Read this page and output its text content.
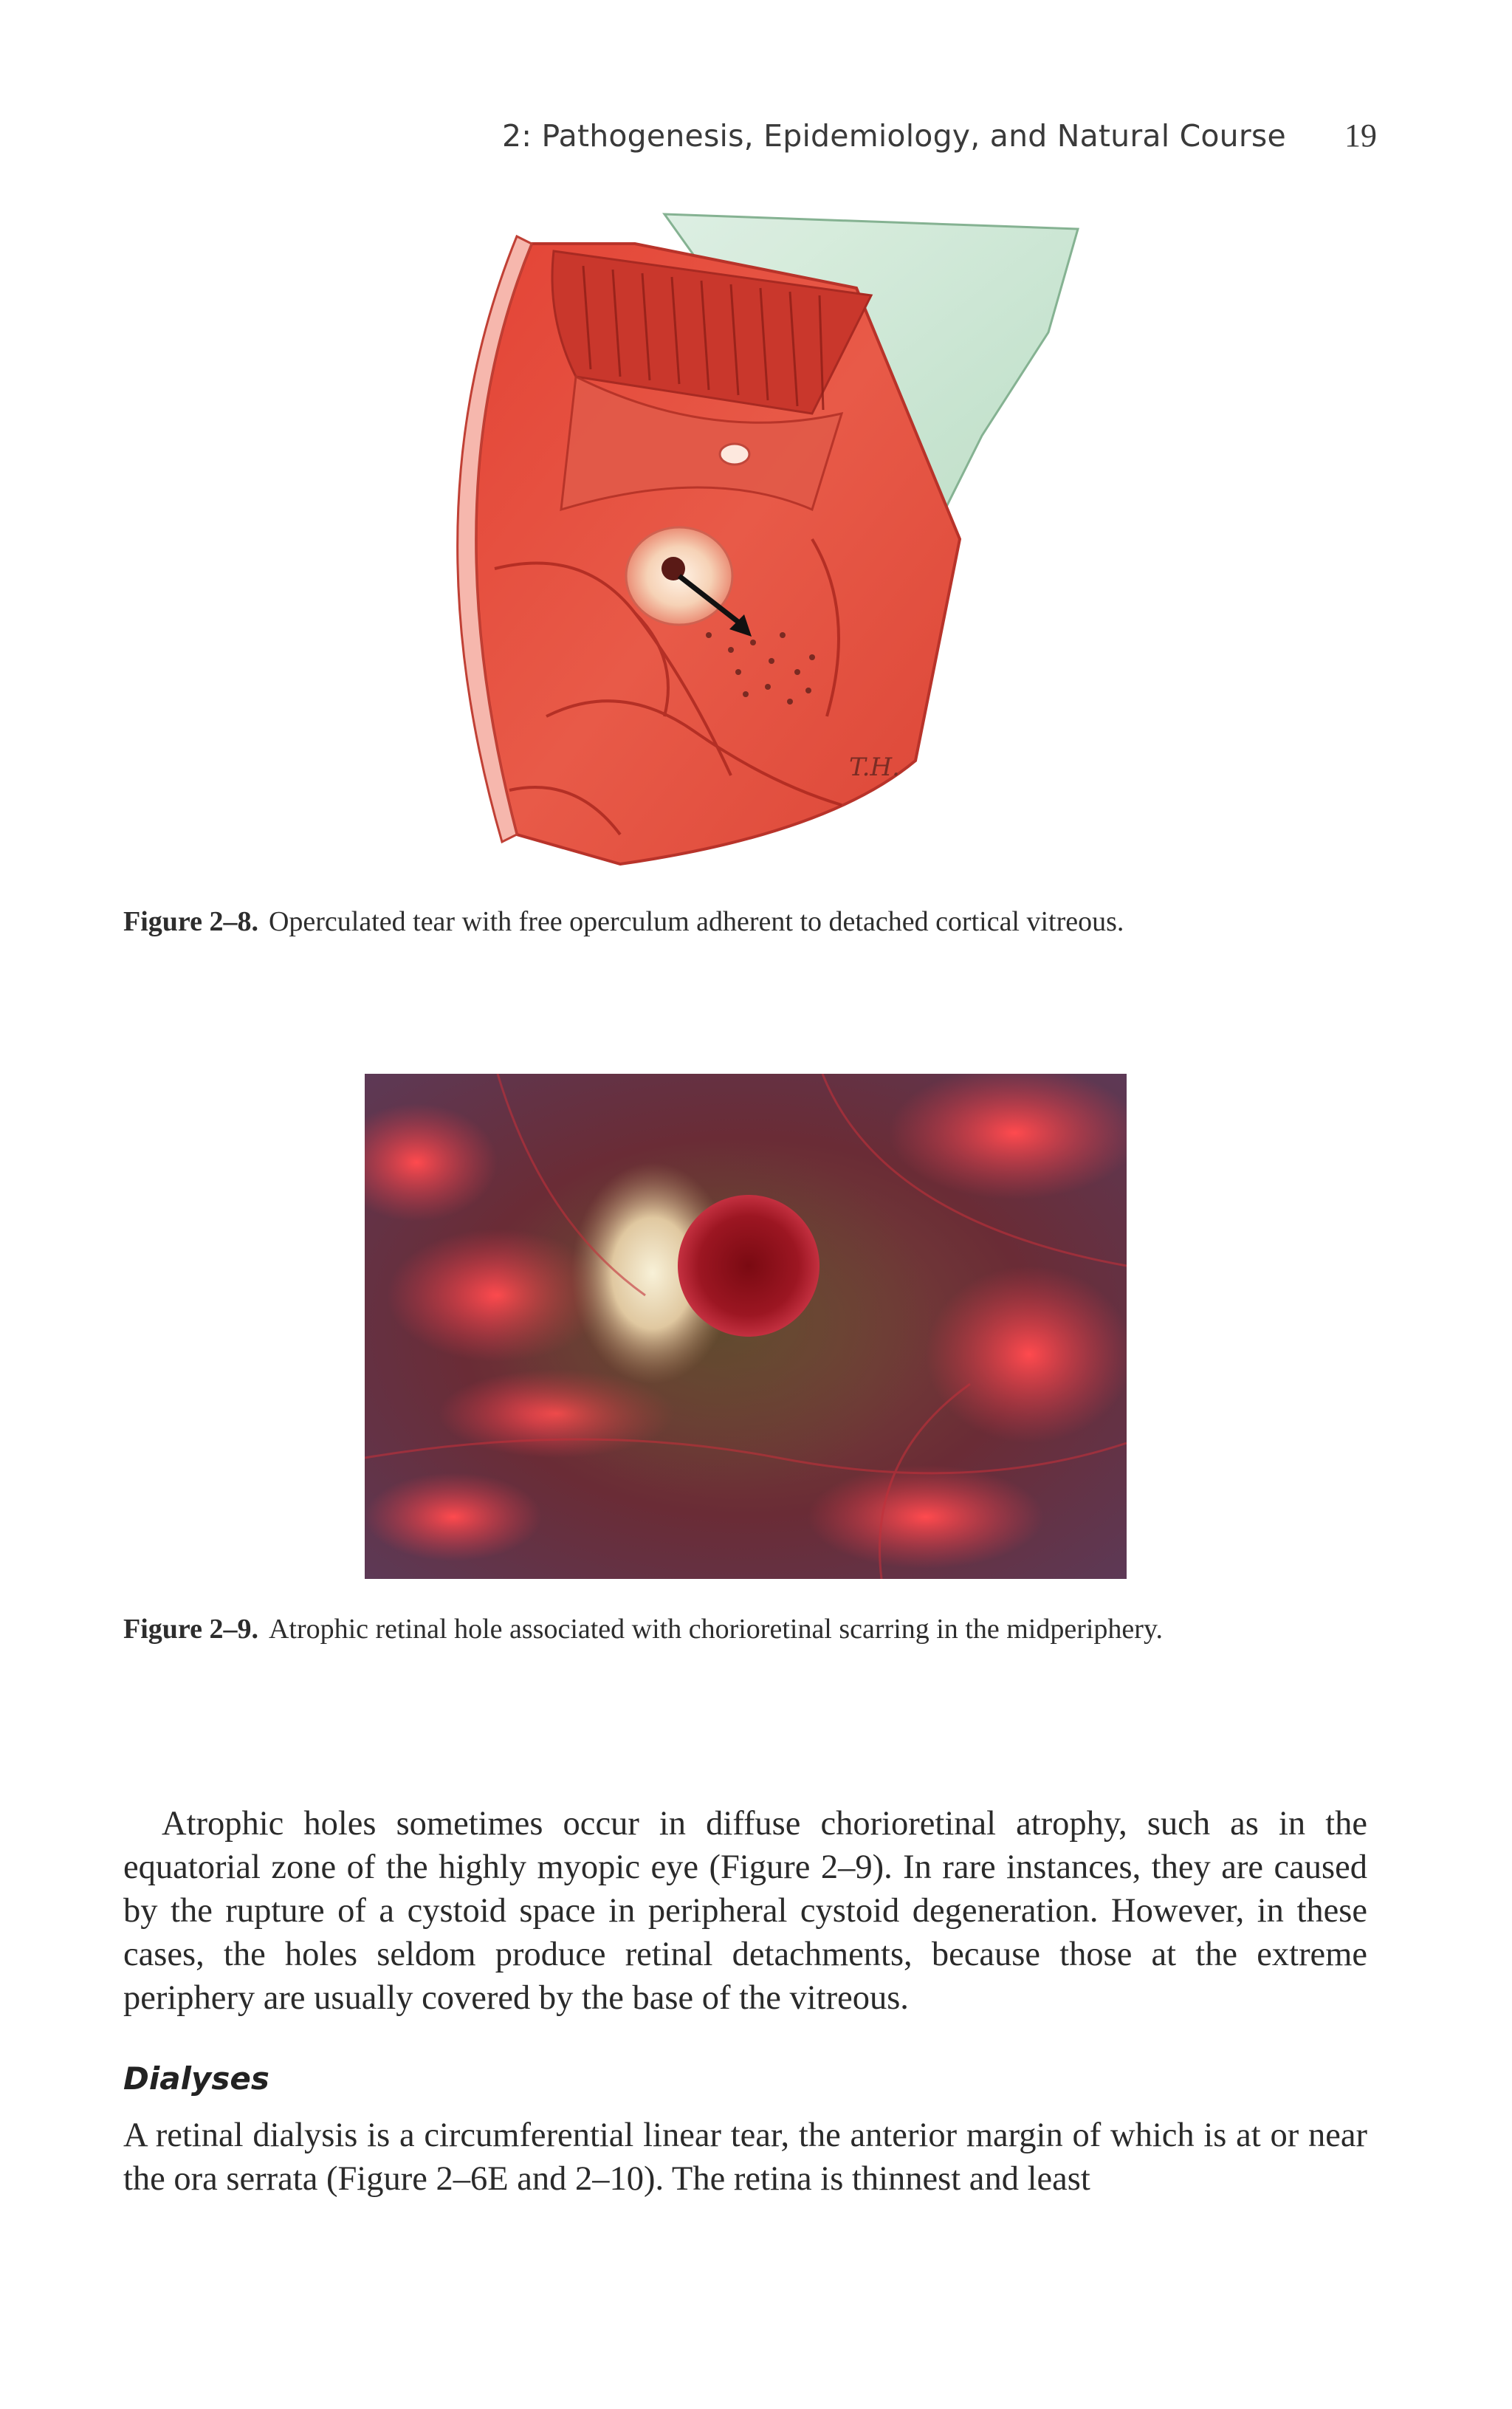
2: Pathogenesis, Epidemiology, and Natural Course 19
T.H.
Figure 2–8. Operculated tear with free operculum adherent to detached cortical vitreous.
Figure 2–9. Atrophic retinal hole associated with chorioretinal scarring in the midperiphery.

Atrophic holes sometimes occur in diffuse chorioretinal atrophy, such as in the equatorial zone of the highly myopic eye (Figure 2–9). In rare instances, they are caused by the rupture of a cystoid space in peripheral cystoid degeneration. However, in these cases, the holes seldom produce retinal detachments, because those at the extreme periphery are usually covered by the base of the vitreous.

Dialyses

A retinal dialysis is a circumferential linear tear, the anterior margin of which is at or near the ora serrata (Figure 2–6E and 2–10). The retina is thinnest and least
